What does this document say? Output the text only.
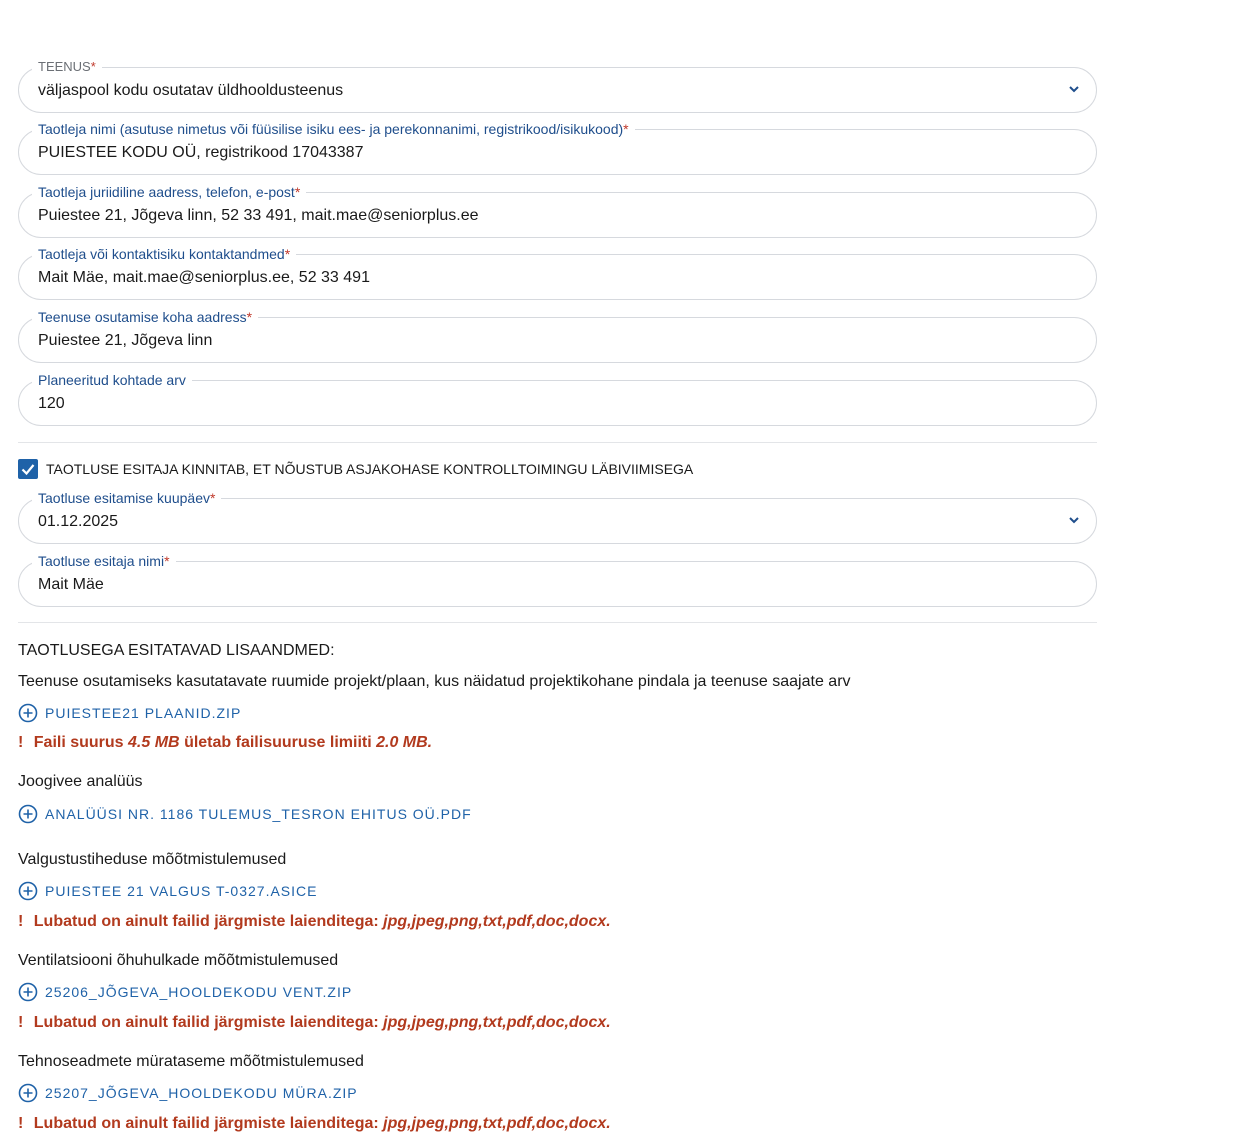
TEENUS*
väljaspool kodu osutatav üldhooldusteenus
Taotleja nimi (asutuse nimetus või füüsilise isiku ees- ja perekonnanimi, registrikood/isikukood)*
PUIESTEE KODU OÜ, registrikood 17043387
Taotleja juriidiline aadress, telefon, e-post*
Puiestee 21, Jõgeva linn, 52 33 491, mait.mae@seniorplus.ee
Taotleja või kontaktisiku kontaktandmed*
Mait Mäe, mait.mae@seniorplus.ee, 52 33 491
Teenuse osutamise koha aadress*
Puiestee 21, Jõgeva linn
Planeeritud kohtade arv
120
TAOTLUSE ESITAJA KINNITAB, ET NÕUSTUB ASJAKOHASE KONTROLLTOIMINGU LÄBIVIIMISEGA
Taotluse esitamise kuupäev*
01.12.2025
Taotluse esitaja nimi*
Mait Mäe
TAOTLUSEGA ESITATAVAD LISAANDMED:
Teenuse osutamiseks kasutatavate ruumide projekt/plaan, kus näidatud projektikohane pindala ja teenuse saajate arv
PUIESTEE21 PLAANID.ZIP
! Faili suurus 4.5 MB ületab failisuuruse limiiti 2.0 MB.
Joogivee analüüs
ANALÜÜSI NR. 1186 TULEMUS_TESRON EHITUS OÜ.PDF
Valgustustiheduse mõõtmistulemused
PUIESTEE 21 VALGUS T-0327.ASICE
! Lubatud on ainult failid järgmiste laienditega: jpg,jpeg,png,txt,pdf,doc,docx.
Ventilatsiooni õhuhulkade mõõtmistulemused
25206_JÕGEVA_HOOLDEKODU VENT.ZIP
! Lubatud on ainult failid järgmiste laienditega: jpg,jpeg,png,txt,pdf,doc,docx.
Tehnoseadmete mürataseme mõõtmistulemused
25207_JÕGEVA_HOOLDEKODU MÜRA.ZIP
! Lubatud on ainult failid järgmiste laienditega: jpg,jpeg,png,txt,pdf,doc,docx.
